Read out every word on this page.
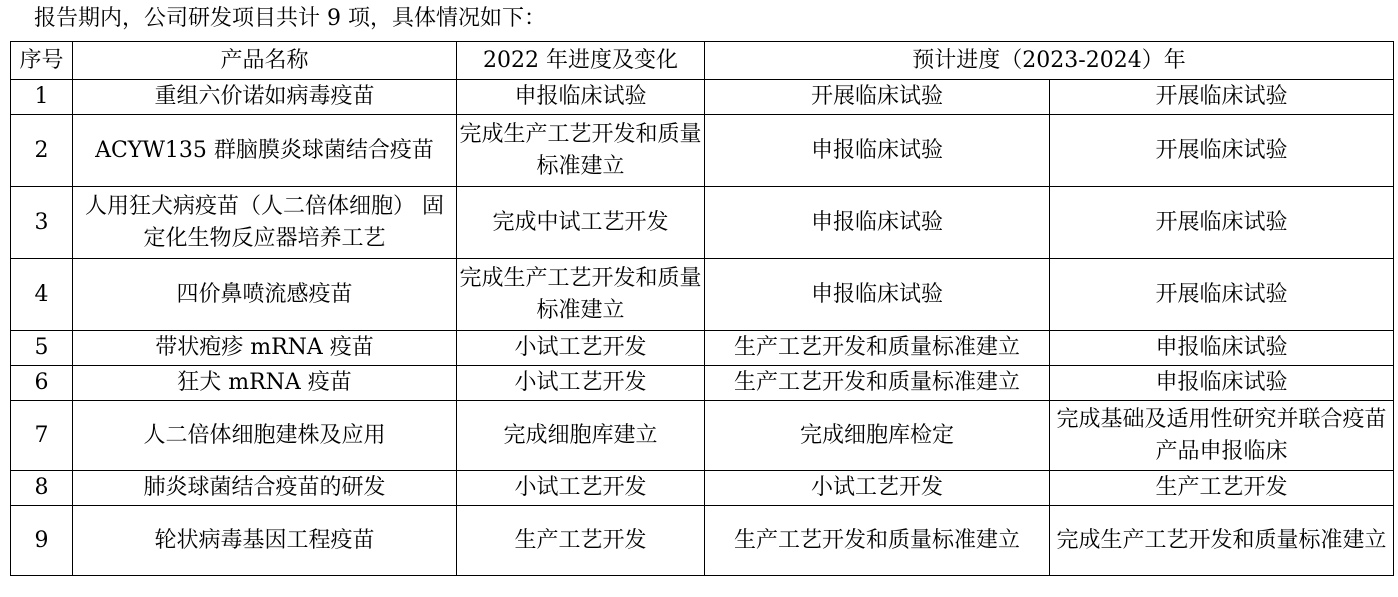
报告期内，公司研发项目共计 9 项，具体情况如下：
序号	产品名称	2022 年进度及变化	预计进度（2023-2024）年	
1	重组六价诺如病毒疫苗	申报临床试验	开展临床试验	开展临床试验
2	ACYW135 群脑膜炎球菌结合疫苗	完成生产工艺开发和质量标准建立	申报临床试验	开展临床试验
3	人用狂犬病疫苗（人二倍体细胞） 固定化生物反应器培养工艺	完成中试工艺开发	申报临床试验	开展临床试验
4	四价鼻喷流感疫苗	完成生产工艺开发和质量标准建立	申报临床试验	开展临床试验
5	带状疱疹 mRNA 疫苗	小试工艺开发	生产工艺开发和质量标准建立	申报临床试验
6	狂犬 mRNA 疫苗	小试工艺开发	生产工艺开发和质量标准建立	申报临床试验
7	人二倍体细胞建株及应用	完成细胞库建立	完成细胞库检定	完成基础及适用性研究并联合疫苗产品申报临床
8	肺炎球菌结合疫苗的研发	小试工艺开发	小试工艺开发	生产工艺开发
9	轮状病毒基因工程疫苗	生产工艺开发	生产工艺开发和质量标准建立	完成生产工艺开发和质量标准建立
